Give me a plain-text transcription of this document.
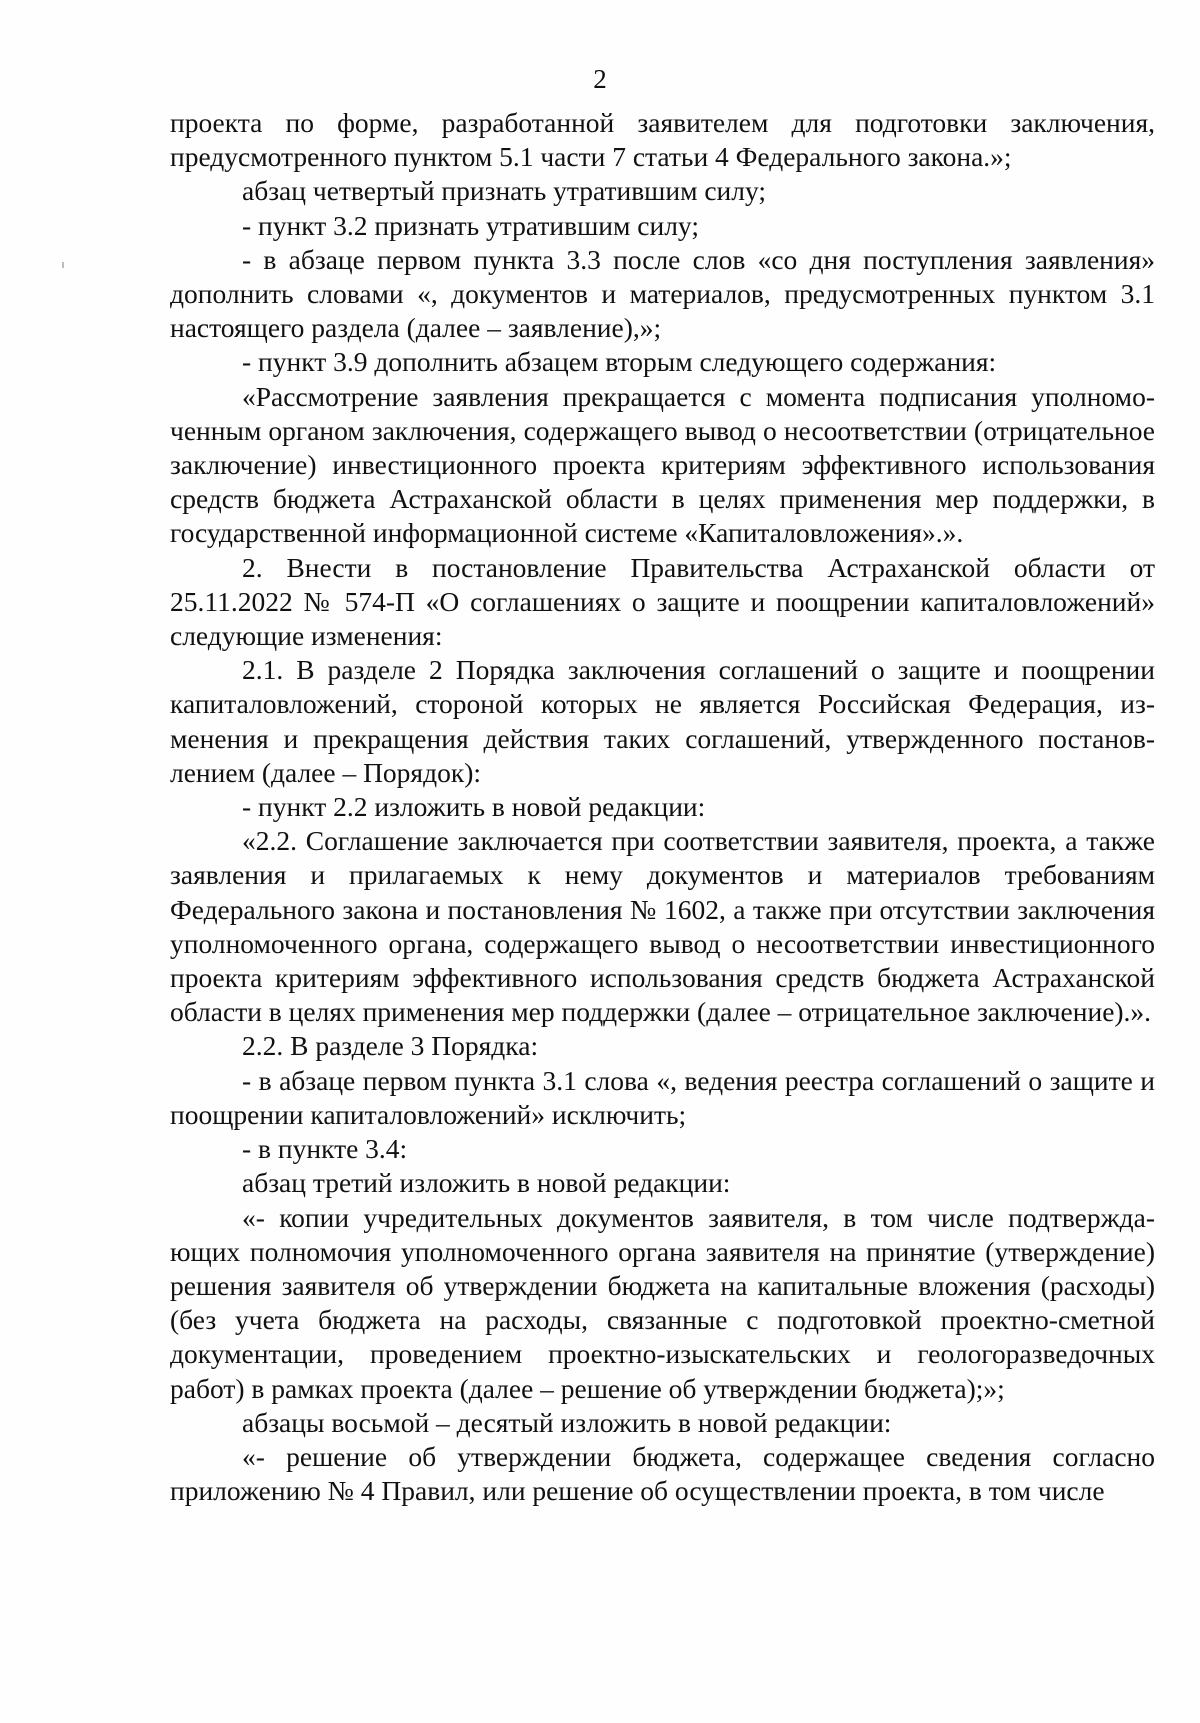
2

проекта по форме, разработанной заявителем для подготовки заключения, предусмотренного пунктом 5.1 части 7 статьи 4 Федерального закона.»;

абзац четвертый признать утратившим силу;

- пункт 3.2 признать утратившим силу;

- в абзаце первом пункта 3.3 после слов «со дня поступления заявления» дополнить словами «, документов и материалов, предусмотренных пунктом 3.1 настоящего раздела (далее – заявление),»;

- пункт 3.9 дополнить абзацем вторым следующего содержания:

«Рассмотрение заявления прекращается с момента подписания уполномоченным органом заключения, содержащего вывод о несоответствии (отрицательное заключение) инвестиционного проекта критериям эффективного использования средств бюджета Астраханской области в целях применения мер поддержки, в государственной информационной системе «Капиталовложения».».

2. Внести в постановление Правительства Астраханской области от 25.11.2022 № 574-П «О соглашениях о защите и поощрении капиталовложений» следующие изменения:

2.1. В разделе 2 Порядка заключения соглашений о защите и поощрении капиталовложений, стороной которых не является Российская Федерация, изменения и прекращения действия таких соглашений, утвержденного постановлением (далее – Порядок):

- пункт 2.2 изложить в новой редакции:

«2.2. Соглашение заключается при соответствии заявителя, проекта, а также заявления и прилагаемых к нему документов и материалов требованиям Федерального закона и постановления № 1602, а также при отсутствии заключения уполномоченного органа, содержащего вывод о несоответствии инвестиционного проекта критериям эффективного использования средств бюджета Астраханской области в целях применения мер поддержки (далее – отрицательное заключение).».

2.2. В разделе 3 Порядка:

- в абзаце первом пункта 3.1 слова «, ведения реестра соглашений о защите и поощрении капиталовложений» исключить;

- в пункте 3.4:

абзац третий изложить в новой редакции:

«- копии учредительных документов заявителя, в том числе подтверждающих полномочия уполномоченного органа заявителя на принятие (утверждение) решения заявителя об утверждении бюджета на капитальные вложения (расходы) (без учета бюджета на расходы, связанные с подготовкой проектно-сметной документации, проведением проектно-изыскательских и геологоразведочных работ) в рамках проекта (далее – решение об утверждении бюджета);»;

абзацы восьмой – десятый изложить в новой редакции:

«- решение об утверждении бюджета, содержащее сведения согласно приложению № 4 Правил, или решение об осуществлении проекта, в том числе
